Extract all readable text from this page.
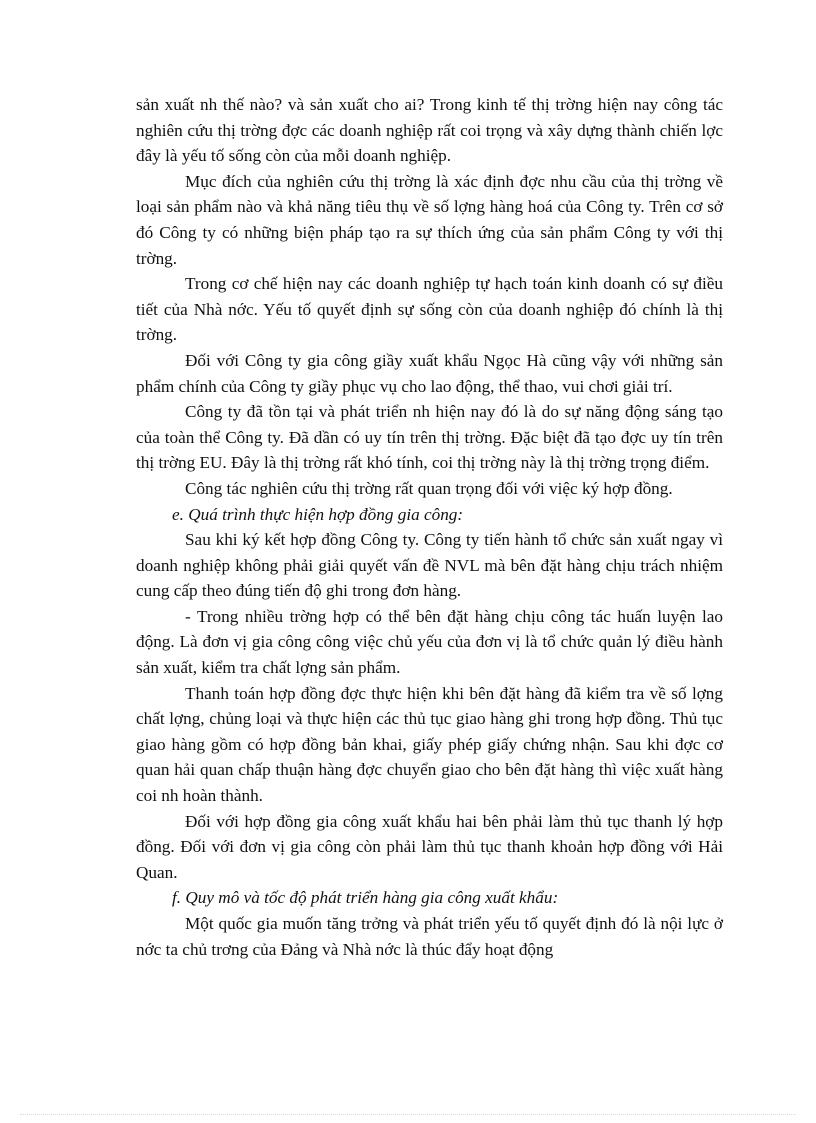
sản xuất nh thế nào? và sản xuất cho ai? Trong kinh tế thị trờng hiện nay công tác nghiên cứu thị trờng đợc các doanh nghiệp rất coi trọng và xây dựng thành chiến lợc đây là yếu tố sống còn của mỗi doanh nghiệp.

Mục đích của nghiên cứu thị trờng là xác định đợc nhu cầu của thị trờng về loại sản phẩm nào và khả năng tiêu thụ về số lợng hàng hoá của Công ty. Trên cơ sở đó Công ty có những biện pháp tạo ra sự thích ứng của sản phẩm Công ty với thị trờng.

Trong cơ chế hiện nay các doanh nghiệp tự hạch toán kinh doanh có sự điều tiết của Nhà nớc. Yếu tố quyết định sự sống còn của doanh nghiệp đó chính là thị trờng.

Đối với Công ty gia công giầy xuất khẩu Ngọc Hà cũng vậy với những sản phẩm chính của Công ty giầy phục vụ cho lao động, thể thao, vui chơi giải trí.

Công ty đã tồn tại và phát triển nh hiện nay đó là do sự năng động sáng tạo của toàn thể Công ty. Đã dần có uy tín trên thị trờng. Đặc biệt đã tạo đợc uy tín trên thị trờng EU. Đây là thị trờng rất khó tính, coi thị trờng này là thị trờng trọng điểm.

Công tác nghiên cứu thị trờng rất quan trọng đối với việc ký hợp đồng.

e. Quá trình thực hiện hợp đồng gia công:

Sau khi ký kết hợp đồng Công ty. Công ty tiến hành tổ chức sản xuất ngay vì doanh nghiệp không phải giải quyết vấn đề NVL mà bên đặt hàng chịu trách nhiệm cung cấp theo đúng tiến độ ghi trong đơn hàng.

- Trong nhiều trờng hợp có thể bên đặt hàng chịu công tác huấn luyện lao động. Là đơn vị gia công công việc chủ yếu của đơn vị là tổ chức quản lý điều hành sản xuất, kiểm tra chất lợng sản phẩm.

Thanh toán hợp đồng đợc thực hiện khi bên đặt hàng đã kiểm tra về số lợng chất lợng, chủng loại và thực hiện các thủ tục giao hàng ghi trong hợp đồng. Thủ tục giao hàng gồm có hợp đồng bản khai, giấy phép giấy chứng nhận. Sau khi đợc cơ quan hải quan chấp thuận hàng đợc chuyển giao cho bên đặt hàng thì việc xuất hàng coi nh hoàn thành.

Đối với hợp đồng gia công xuất khẩu hai bên phải làm thủ tục thanh lý hợp đồng. Đối với đơn vị gia công còn phải làm thủ tục thanh khoản hợp đồng với Hải Quan.

f. Quy mô và tốc độ phát triển hàng gia công xuất khẩu:

Một quốc gia muốn tăng trởng và phát triển yếu tố quyết định đó là nội lực ở nớc ta chủ trơng của Đảng và Nhà nớc là thúc đẩy hoạt động
